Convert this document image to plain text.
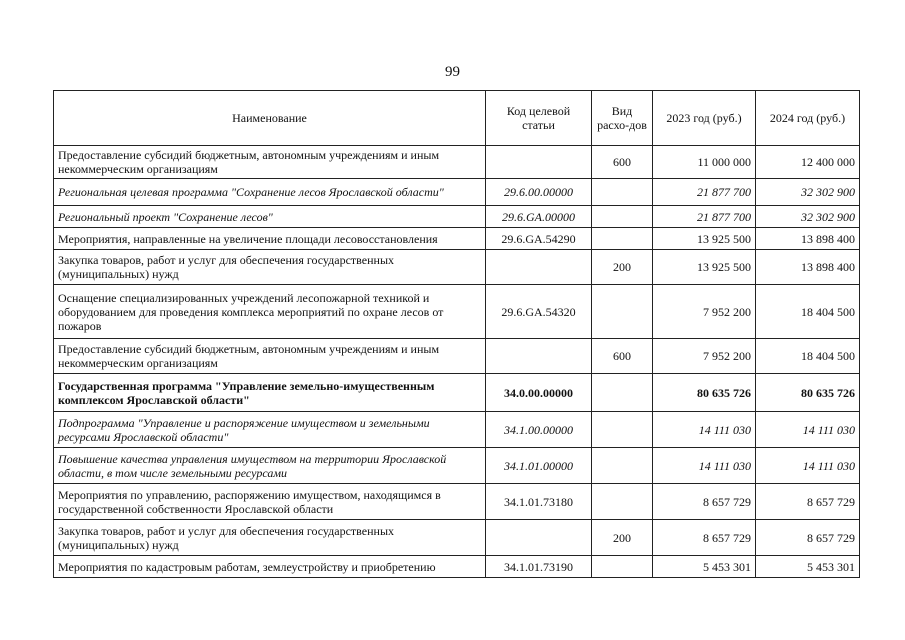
99
Наименование	Код целевой статьи	Вид расхо-дов	2023 год (руб.)	2024 год (руб.)
Предоставление субсидий бюджетным, автономным учреждениям и иным некоммерческим организациям		600	11 000 000	12 400 000
Региональная целевая программа "Сохранение лесов Ярославской области"	29.6.00.00000		21 877 700	32 302 900
Региональный проект "Сохранение лесов"	29.6.GA.00000		21 877 700	32 302 900
Мероприятия, направленные на увеличение площади лесовосстановления	29.6.GA.54290		13 925 500	13 898 400
Закупка товаров, работ и услуг для обеспечения государственных (муниципальных) нужд		200	13 925 500	13 898 400
Оснащение специализированных учреждений лесопожарной техникой и оборудованием для проведения комплекса мероприятий по охране лесов от пожаров	29.6.GA.54320		7 952 200	18 404 500
Предоставление субсидий бюджетным, автономным учреждениям и иным некоммерческим организациям		600	7 952 200	18 404 500
Государственная программа "Управление земельно-имущественным комплексом Ярославской области"	34.0.00.00000		80 635 726	80 635 726
Подпрограмма "Управление и распоряжение имуществом и земельными ресурсами Ярославской области"	34.1.00.00000		14 111 030	14 111 030
Повышение качества управления имуществом на территории Ярославской области, в том числе земельными ресурсами	34.1.01.00000		14 111 030	14 111 030
Мероприятия по управлению, распоряжению имуществом, находящимся в государственной собственности Ярославской области	34.1.01.73180		8 657 729	8 657 729
Закупка товаров, работ и услуг для обеспечения государственных (муниципальных) нужд		200	8 657 729	8 657 729
Мероприятия по кадастровым работам, землеустройству и приобретению	34.1.01.73190		5 453 301	5 453 301
